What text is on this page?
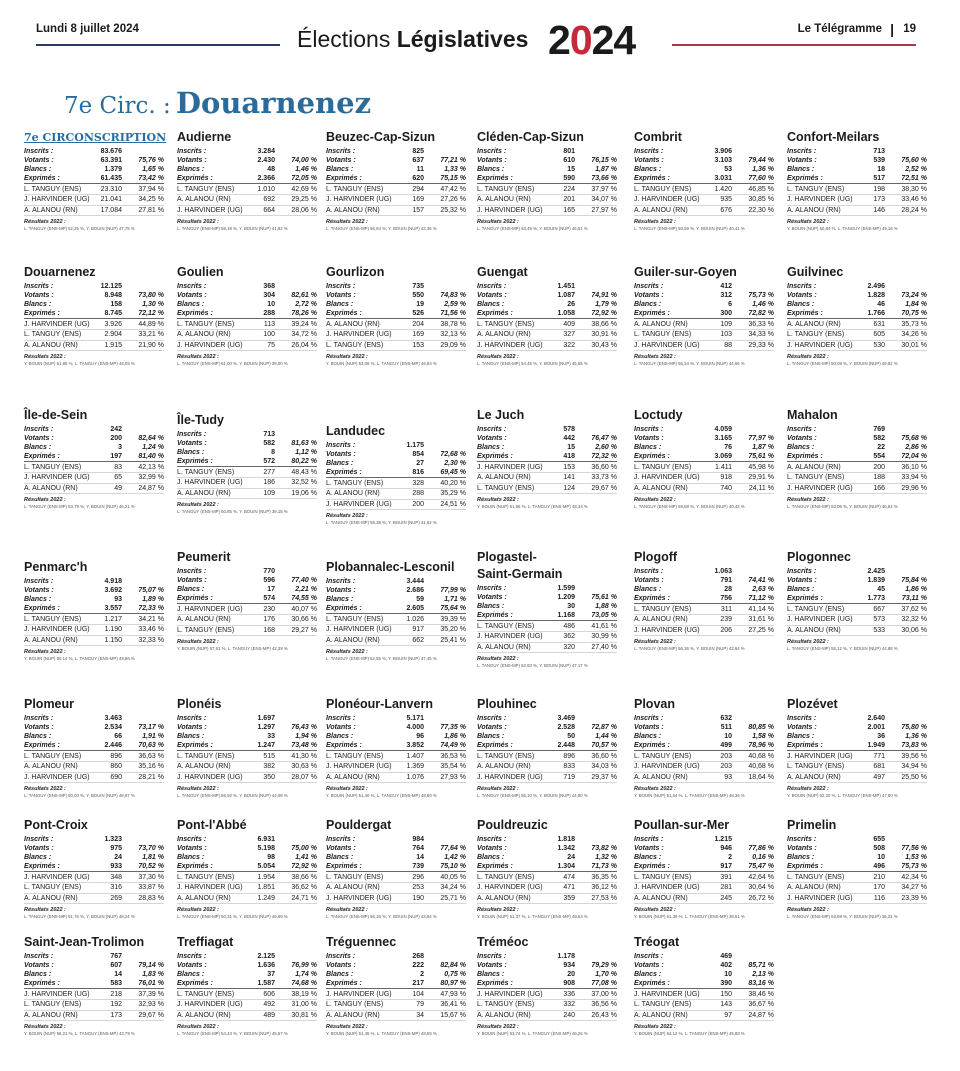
Lundi 8 juillet 2024	Élections Législatives 2024	Le Télégramme | 19
7e Circ. : Douarnenez
7e CIRCONSCRIPTION
Inscrits :	83.676	
Votants :	63.391	75,76 %
Blancs :	1.379	1,65 %
Exprimés :	61.435	73,42 %
L. TANGUY (ENS)	23.310	37,94 %
J. HARVINDER (UG)	21.041	34,25 %
A. ALANOU (RN)	17.084	27,81 %
Résultats 2022 :
L. TANGUY (ENS-MP) 52,25 %, Y. BOUIN (NUP) 47,75 %
Audierne
Inscrits :	3.284	
Votants :	2.430	74,00 %
Blancs :	48	1,46 %
Exprimés :	2.366	72,05 %
L. TANGUY (ENS)	1.010	42,69 %
A. ALANOU (RN)	692	29,25 %
J. HARVINDER (UG)	664	28,06 %
Résultats 2022 :
L. TANGUY (ENS-MP) 58,18 %, Y. BOUIN (NUP) 41,82 %
Beuzec-Cap-Sizun
Inscrits :	825	
Votants :	637	77,21 %
Blancs :	11	1,33 %
Exprimés :	620	75,15 %
L. TANGUY (ENS)	294	47,42 %
J. HARVINDER (UG)	169	27,26 %
A. ALANOU (RN)	157	25,32 %
Résultats 2022 :
L. TANGUY (ENS-MP) 56,64 %, Y. BOUIN (NUP) 43,36 %
Cléden-Cap-Sizun
Inscrits :	801	
Votants :	610	76,15 %
Blancs :	15	1,87 %
Exprimés :	590	73,66 %
L. TANGUY (ENS)	224	37,97 %
A. ALANOU (RN)	201	34,07 %
J. HARVINDER (UG)	165	27,97 %
Résultats 2022 :
L. TANGUY (ENS-MP) 53,49 %, Y. BOUIN (NUP) 46,51 %
Combrit
Inscrits :	3.906	
Votants :	3.103	79,44 %
Blancs :	53	1,36 %
Exprimés :	3.031	77,60 %
L. TANGUY (ENS)	1.420	46,85 %
J. HARVINDER (UG)	935	30,85 %
A. ALANOU (RN)	676	22,30 %
Résultats 2022 :
L. TANGUY (ENS-MP) 59,59 %, Y. BOUIN (NUP) 40,41 %
Confort-Meilars
Inscrits :	713	
Votants :	539	75,60 %
Blancs :	18	2,52 %
Exprimés :	517	72,51 %
L. TANGUY (ENS)	198	38,30 %
J. HARVINDER (UG)	173	33,46 %
A. ALANOU (RN)	146	28,24 %
Résultats 2022 :
Y. BOUIN (NUP) 50,84 %, L. TANGUY (ENS-MP) 49,16 %
Douarnenez
Inscrits :	12.125	
Votants :	8.948	73,80 %
Blancs :	158	1,30 %
Exprimés :	8.745	72,12 %
J. HARVINDER (UG)	3.926	44,89 %
L. TANGUY (ENS)	2.904	33,21 %
A. ALANOU (RN)	1.915	21,90 %
Résultats 2022 :
Y. BOUIN (NUP) 51,95 %, L. TANGUY (ENS-MP) 48,05 %
Goulien
Inscrits :	368	
Votants :	304	82,61 %
Blancs :	10	2,72 %
Exprimés :	288	78,26 %
L. TANGUY (ENS)	113	39,24 %
A. ALANOU (RN)	100	34,72 %
J. HARVINDER (UG)	75	26,04 %
Résultats 2022 :
L. TANGUY (ENS-MP) 61,00 %, Y. BOUIN (NUP) 39,00 %
Gourlizon
Inscrits :	735	
Votants :	550	74,83 %
Blancs :	19	2,59 %
Exprimés :	526	71,56 %
A. ALANOU (RN)	204	38,78 %
J. HARVINDER (UG)	169	32,13 %
L. TANGUY (ENS)	153	29,09 %
Résultats 2022 :
Y. BOUIN (NUP) 53,06 %, L. TANGUY (ENS-MP) 46,94 %
Guengat
Inscrits :	1.451	
Votants :	1.087	74,91 %
Blancs :	26	1,79 %
Exprimés :	1.058	72,92 %
L. TANGUY (ENS)	409	38,66 %
A. ALANOU (RN)	327	30,91 %
J. HARVINDER (UG)	322	30,43 %
Résultats 2022 :
L. TANGUY (ENS-MP) 54,45 %, Y. BOUIN (NUP) 45,55 %
Guiler-sur-Goyen
Inscrits :	412	
Votants :	312	75,73 %
Blancs :	6	1,46 %
Exprimés :	300	72,82 %
A. ALANOU (RN)	109	36,33 %
L. TANGUY (ENS)	103	34,33 %
J. HARVINDER (UG)	88	29,33 %
Résultats 2022 :
L. TANGUY (ENS-MP) 55,34 %, Y. BOUIN (NUP) 44,66 %
Guilvinec
Inscrits :	2.496	
Votants :	1.828	73,24 %
Blancs :	46	1,84 %
Exprimés :	1.766	70,75 %
A. ALANOU (RN)	631	35,73 %
L. TANGUY (ENS)	605	34,26 %
J. HARVINDER (UG)	530	30,01 %
Résultats 2022 :
L. TANGUY (ENS-MP) 50,08 %, Y. BOUIN (NUP) 49,92 %
Île-de-Sein
Inscrits :	242	
Votants :	200	82,64 %
Blancs :	3	1,24 %
Exprimés :	197	81,40 %
L. TANGUY (ENS)	83	42,13 %
J. HARVINDER (UG)	65	32,99 %
A. ALANOU (RN)	49	24,87 %
Résultats 2022 :
L. TANGUY (ENS-MP) 53,79 %, Y. BOUIN (NUP) 46,21 %
Île-Tudy
Inscrits :	713	
Votants :	582	81,63 %
Blancs :	8	1,12 %
Exprimés :	572	80,22 %
L. TANGUY (ENS)	277	48,43 %
J. HARVINDER (UG)	186	32,52 %
A. ALANOU (RN)	109	19,06 %
Résultats 2022 :
L. TANGUY (ENS-MP) 60,85 %, Y. BOUIN (NUP) 39,15 %
Landudec
Inscrits :	1.175	
Votants :	854	72,68 %
Blancs :	27	2,30 %
Exprimés :	816	69,45 %
L. TANGUY (ENS)	328	40,20 %
A. ALANOU (RN)	288	35,29 %
J. HARVINDER (UG)	200	24,51 %
Résultats 2022 :
L. TANGUY (ENS-MP) 58,38 %, Y. BOUIN (NUP) 41,62 %
Le Juch
Inscrits :	578	
Votants :	442	76,47 %
Blancs :	15	2,60 %
Exprimés :	418	72,32 %
J. HARVINDER (UG)	153	36,60 %
A. ALANOU (RN)	141	33,73 %
L. TANGUY (ENS)	124	29,67 %
Résultats 2022 :
Y. BOUIN (NUP) 51,66 %, L. TANGUY (ENS-MP) 48,34 %
Loctudy
Inscrits :	4.059	
Votants :	3.165	77,97 %
Blancs :	76	1,87 %
Exprimés :	3.069	75,61 %
L. TANGUY (ENS)	1.411	45,98 %
J. HARVINDER (UG)	918	29,91 %
A. ALANOU (RN)	740	24,11 %
Résultats 2022 :
L. TANGUY (ENS-MP) 59,58 %, Y. BOUIN (NUP) 40,42 %
Mahalon
Inscrits :	769	
Votants :	582	75,68 %
Blancs :	22	2,86 %
Exprimés :	554	72,04 %
A. ALANOU (RN)	200	36,10 %
L. TANGUY (ENS)	188	33,94 %
J. HARVINDER (UG)	166	29,96 %
Résultats 2022 :
L. TANGUY (ENS-MP) 53,06 %, Y. BOUIN (NUP) 46,94 %
Penmarc'h
Inscrits :	4.918	
Votants :	3.692	75,07 %
Blancs :	93	1,89 %
Exprimés :	3.557	72,33 %
L. TANGUY (ENS)	1.217	34,21 %
J. HARVINDER (UG)	1.190	33,46 %
A. ALANOU (RN)	1.150	32,33 %
Résultats 2022 :
Y. BOUIN (NUP) 50,14 %, L. TANGUY (ENS-MP) 49,86 %
Peumerit
Inscrits :	770	
Votants :	596	77,40 %
Blancs :	17	2,21 %
Exprimés :	574	74,55 %
J. HARVINDER (UG)	230	40,07 %
A. ALANOU (RN)	176	30,66 %
L. TANGUY (ENS)	168	29,27 %
Résultats 2022 :
Y. BOUIN (NUP) 57,61 %, L. TANGUY (ENS-MP) 42,39 %
Plobannalec-Lesconil
Inscrits :	3.444	
Votants :	2.686	77,99 %
Blancs :	59	1,71 %
Exprimés :	2.605	75,64 %
L. TANGUY (ENS)	1.026	39,39 %
J. HARVINDER (UG)	917	35,20 %
A. ALANOU (RN)	662	25,41 %
Résultats 2022 :
L. TANGUY (ENS-MP) 52,55 %, Y. BOUIN (NUP) 47,45 %
Plogastel-
Saint-Germain
Inscrits :	1.599	
Votants :	1.209	75,61 %
Blancs :	30	1,88 %
Exprimés :	1.168	73,05 %
L. TANGUY (ENS)	486	41,61 %
J. HARVINDER (UG)	362	30,99 %
A. ALANOU (RN)	320	27,40 %
Résultats 2022 :
L. TANGUY (ENS-MP) 52,83 %, Y. BOUIN (NUP) 47,17 %
Plogoff
Inscrits :	1.063	
Votants :	791	74,41 %
Blancs :	28	2,63 %
Exprimés :	756	71,12 %
L. TANGUY (ENS)	311	41,14 %
A. ALANOU (RN)	239	31,61 %
J. HARVINDER (UG)	206	27,25 %
Résultats 2022 :
L. TANGUY (ENS-MP) 56,36 %, Y. BOUIN (NUP) 43,64 %
Plogonnec
Inscrits :	2.425	
Votants :	1.839	75,84 %
Blancs :	45	1,86 %
Exprimés :	1.773	73,11 %
L. TANGUY (ENS)	667	37,62 %
J. HARVINDER (UG)	573	32,32 %
A. ALANOU (RN)	533	30,06 %
Résultats 2022 :
L. TANGUY (ENS-MP) 55,12 %, Y. BOUIN (NUP) 44,88 %
Plomeur
Inscrits :	3.463	
Votants :	2.534	73,17 %
Blancs :	66	1,91 %
Exprimés :	2.446	70,63 %
L. TANGUY (ENS)	896	36,63 %
A. ALANOU (RN)	860	35,16 %
J. HARVINDER (UG)	690	28,21 %
Résultats 2022 :
L. TANGUY (ENS-MP) 50,03 %, Y. BOUIN (NUP) 49,97 %
Plonéis
Inscrits :	1.697	
Votants :	1.297	76,43 %
Blancs :	33	1,94 %
Exprimés :	1.247	73,48 %
L. TANGUY (ENS)	515	41,30 %
A. ALANOU (RN)	382	30,63 %
J. HARVINDER (UG)	350	28,07 %
Résultats 2022 :
L. TANGUY (ENS-MP) 55,92 %, Y. BOUIN (NUP) 44,08 %
Plonéour-Lanvern
Inscrits :	5.171	
Votants :	4.000	77,35 %
Blancs :	96	1,86 %
Exprimés :	3.852	74,49 %
L. TANGUY (ENS)	1.407	36,53 %
J. HARVINDER (UG)	1.369	35,54 %
A. ALANOU (RN)	1.076	27,93 %
Résultats 2022 :
Y. BOUIN (NUP) 51,40 %, L. TANGUY (ENS-MP) 48,60 %
Plouhinec
Inscrits :	3.469	
Votants :	2.528	72,87 %
Blancs :	50	1,44 %
Exprimés :	2.448	70,57 %
L. TANGUY (ENS)	896	36,60 %
A. ALANOU (RN)	833	34,03 %
J. HARVINDER (UG)	719	29,37 %
Résultats 2022 :
L. TANGUY (ENS-MP) 55,10 %, Y. BOUIN (NUP) 44,90 %
Plovan
Inscrits :	632	
Votants :	511	80,85 %
Blancs :	10	1,58 %
Exprimés :	499	78,96 %
L. TANGUY (ENS)	203	40,68 %
J. HARVINDER (UG)	203	40,68 %
A. ALANOU (RN)	93	18,64 %
Résultats 2022 :
Y. BOUIN (NUP) 51,64 %, L. TANGUY (ENS-MP) 48,36 %
Plozévet
Inscrits :	2.640	
Votants :	2.001	75,80 %
Blancs :	36	1,36 %
Exprimés :	1.949	73,83 %
J. HARVINDER (UG)	771	39,56 %
L. TANGUY (ENS)	681	34,94 %
A. ALANOU (RN)	497	25,50 %
Résultats 2022 :
Y. BOUIN (NUP) 52,20 %, L. TANGUY (ENS-MP) 47,80 %
Pont-Croix
Inscrits :	1.323	
Votants :	975	73,70 %
Blancs :	24	1,81 %
Exprimés :	933	70,52 %
J. HARVINDER (UG)	348	37,30 %
L. TANGUY (ENS)	316	33,87 %
A. ALANOU (RN)	269	28,83 %
Résultats 2022 :
L. TANGUY (ENS-MP) 51,76 %, Y. BOUIN (NUP) 48,24 %
Pont-l'Abbé
Inscrits :	6.931	
Votants :	5.198	75,00 %
Blancs :	98	1,41 %
Exprimés :	5.054	72,92 %
L. TANGUY (ENS)	1.954	38,66 %
J. HARVINDER (UG)	1.851	36,62 %
A. ALANOU (RN)	1.249	24,71 %
Résultats 2022 :
L. TANGUY (ENS-MP) 50,31 %, Y. BOUIN (NUP) 49,69 %
Pouldergat
Inscrits :	984	
Votants :	764	77,64 %
Blancs :	14	1,42 %
Exprimés :	739	75,10 %
L. TANGUY (ENS)	296	40,05 %
A. ALANOU (RN)	253	34,24 %
J. HARVINDER (UG)	190	25,71 %
Résultats 2022 :
L. TANGUY (ENS-MP) 56,16 %, Y. BOUIN (NUP) 43,84 %
Pouldreuzic
Inscrits :	1.818	
Votants :	1.342	73,82 %
Blancs :	24	1,32 %
Exprimés :	1.304	71,73 %
L. TANGUY (ENS)	474	36,35 %
J. HARVINDER (UG)	471	36,12 %
A. ALANOU (RN)	359	27,53 %
Résultats 2022 :
Y. BOUIN (NUP) 51,37 %, L. TANGUY (ENS-MP) 48,63 %
Poullan-sur-Mer
Inscrits :	1.215	
Votants :	946	77,86 %
Blancs :	2	0,16 %
Exprimés :	917	75,47 %
L. TANGUY (ENS)	391	42,64 %
J. HARVINDER (UG)	281	30,64 %
A. ALANOU (RN)	245	26,72 %
Résultats 2022 :
Y. BOUIN (NUP) 61,39 %, L. TANGUY (ENS-MP) 38,61 %
Primelin
Inscrits :	655	
Votants :	508	77,56 %
Blancs :	10	1,53 %
Exprimés :	496	75,73 %
L. TANGUY (ENS)	210	42,34 %
A. ALANOU (RN)	170	34,27 %
J. HARVINDER (UG)	116	23,39 %
Résultats 2022 :
L. TANGUY (ENS-MP) 63,69 %, Y. BOUIN (NUP) 36,31 %
Saint-Jean-Trolimon
Inscrits :	767	
Votants :	607	79,14 %
Blancs :	14	1,83 %
Exprimés :	583	76,01 %
J. HARVINDER (UG)	218	37,39 %
L. TANGUY (ENS)	192	32,93 %
A. ALANOU (RN)	173	29,67 %
Résultats 2022 :
Y. BOUIN (NUP) 56,21 %, L. TANGUY (ENS-MP) 43,79 %
Treffiagat
Inscrits :	2.125	
Votants :	1.636	76,99 %
Blancs :	37	1,74 %
Exprimés :	1.587	74,68 %
L. TANGUY (ENS)	606	38,19 %
J. HARVINDER (UG)	492	31,00 %
A. ALANOU (RN)	489	30,81 %
Résultats 2022 :
L. TANGUY (ENS-MP) 54,43 %, Y. BOUIN (NUP) 45,57 %
Tréguennec
Inscrits :	268	
Votants :	222	82,84 %
Blancs :	2	0,75 %
Exprimés :	217	80,97 %
J. HARVINDER (UG)	104	47,93 %
L. TANGUY (ENS)	79	36,41 %
A. ALANOU (RN)	34	15,67 %
Résultats 2022 :
Y. BOUIN (NUP) 51,45 %, L. TANGUY (ENS-MP) 48,55 %
Tréméoc
Inscrits :	1.178	
Votants :	934	79,29 %
Blancs :	20	1,70 %
Exprimés :	908	77,08 %
J. HARVINDER (UG)	336	37,00 %
L. TANGUY (ENS)	332	36,56 %
A. ALANOU (RN)	240	26,43 %
Résultats 2022 :
Y. BOUIN (NUP) 53,74 %, L. TANGUY (ENS-MP) 46,26 %
Tréogat
Inscrits :	469	
Votants :	402	85,71 %
Blancs :	10	2,13 %
Exprimés :	390	83,16 %
J. HARVINDER (UG)	150	38,46 %
L. TANGUY (ENS)	143	36,67 %
A. ALANOU (RN)	97	24,87 %
Résultats 2022 :
Y. BOUIN (NUP) 54,12 %, L. TANGUY (ENS-MP) 45,88 %
